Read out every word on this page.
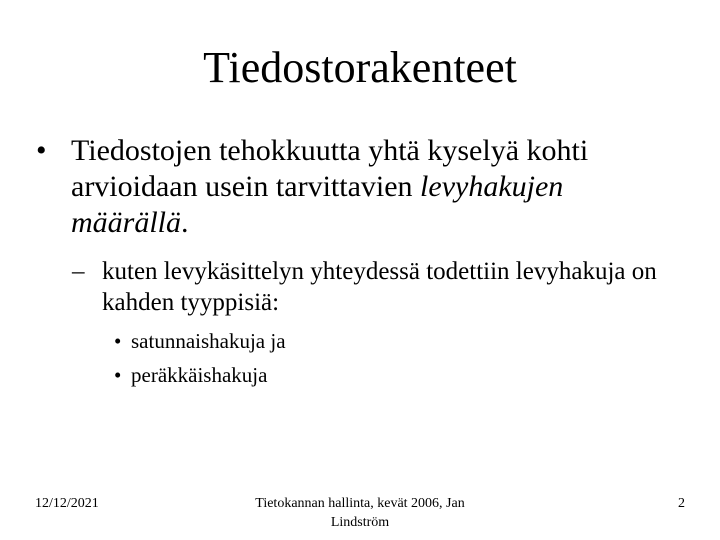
Tiedostorakenteet
• Tiedostojen tehokkuutta yhtä kyselyä kohti arvioidaan usein tarvittavien levyhakujen määrällä.
– kuten levykäsittelyn yhteydessä todettiin levyhakuja on kahden tyyppisiä:
• satunnaishakuja ja
• peräkkäishakuja
12/12/2021	Tietokannan hallinta, kevät 2006, Jan
Lindström
2
